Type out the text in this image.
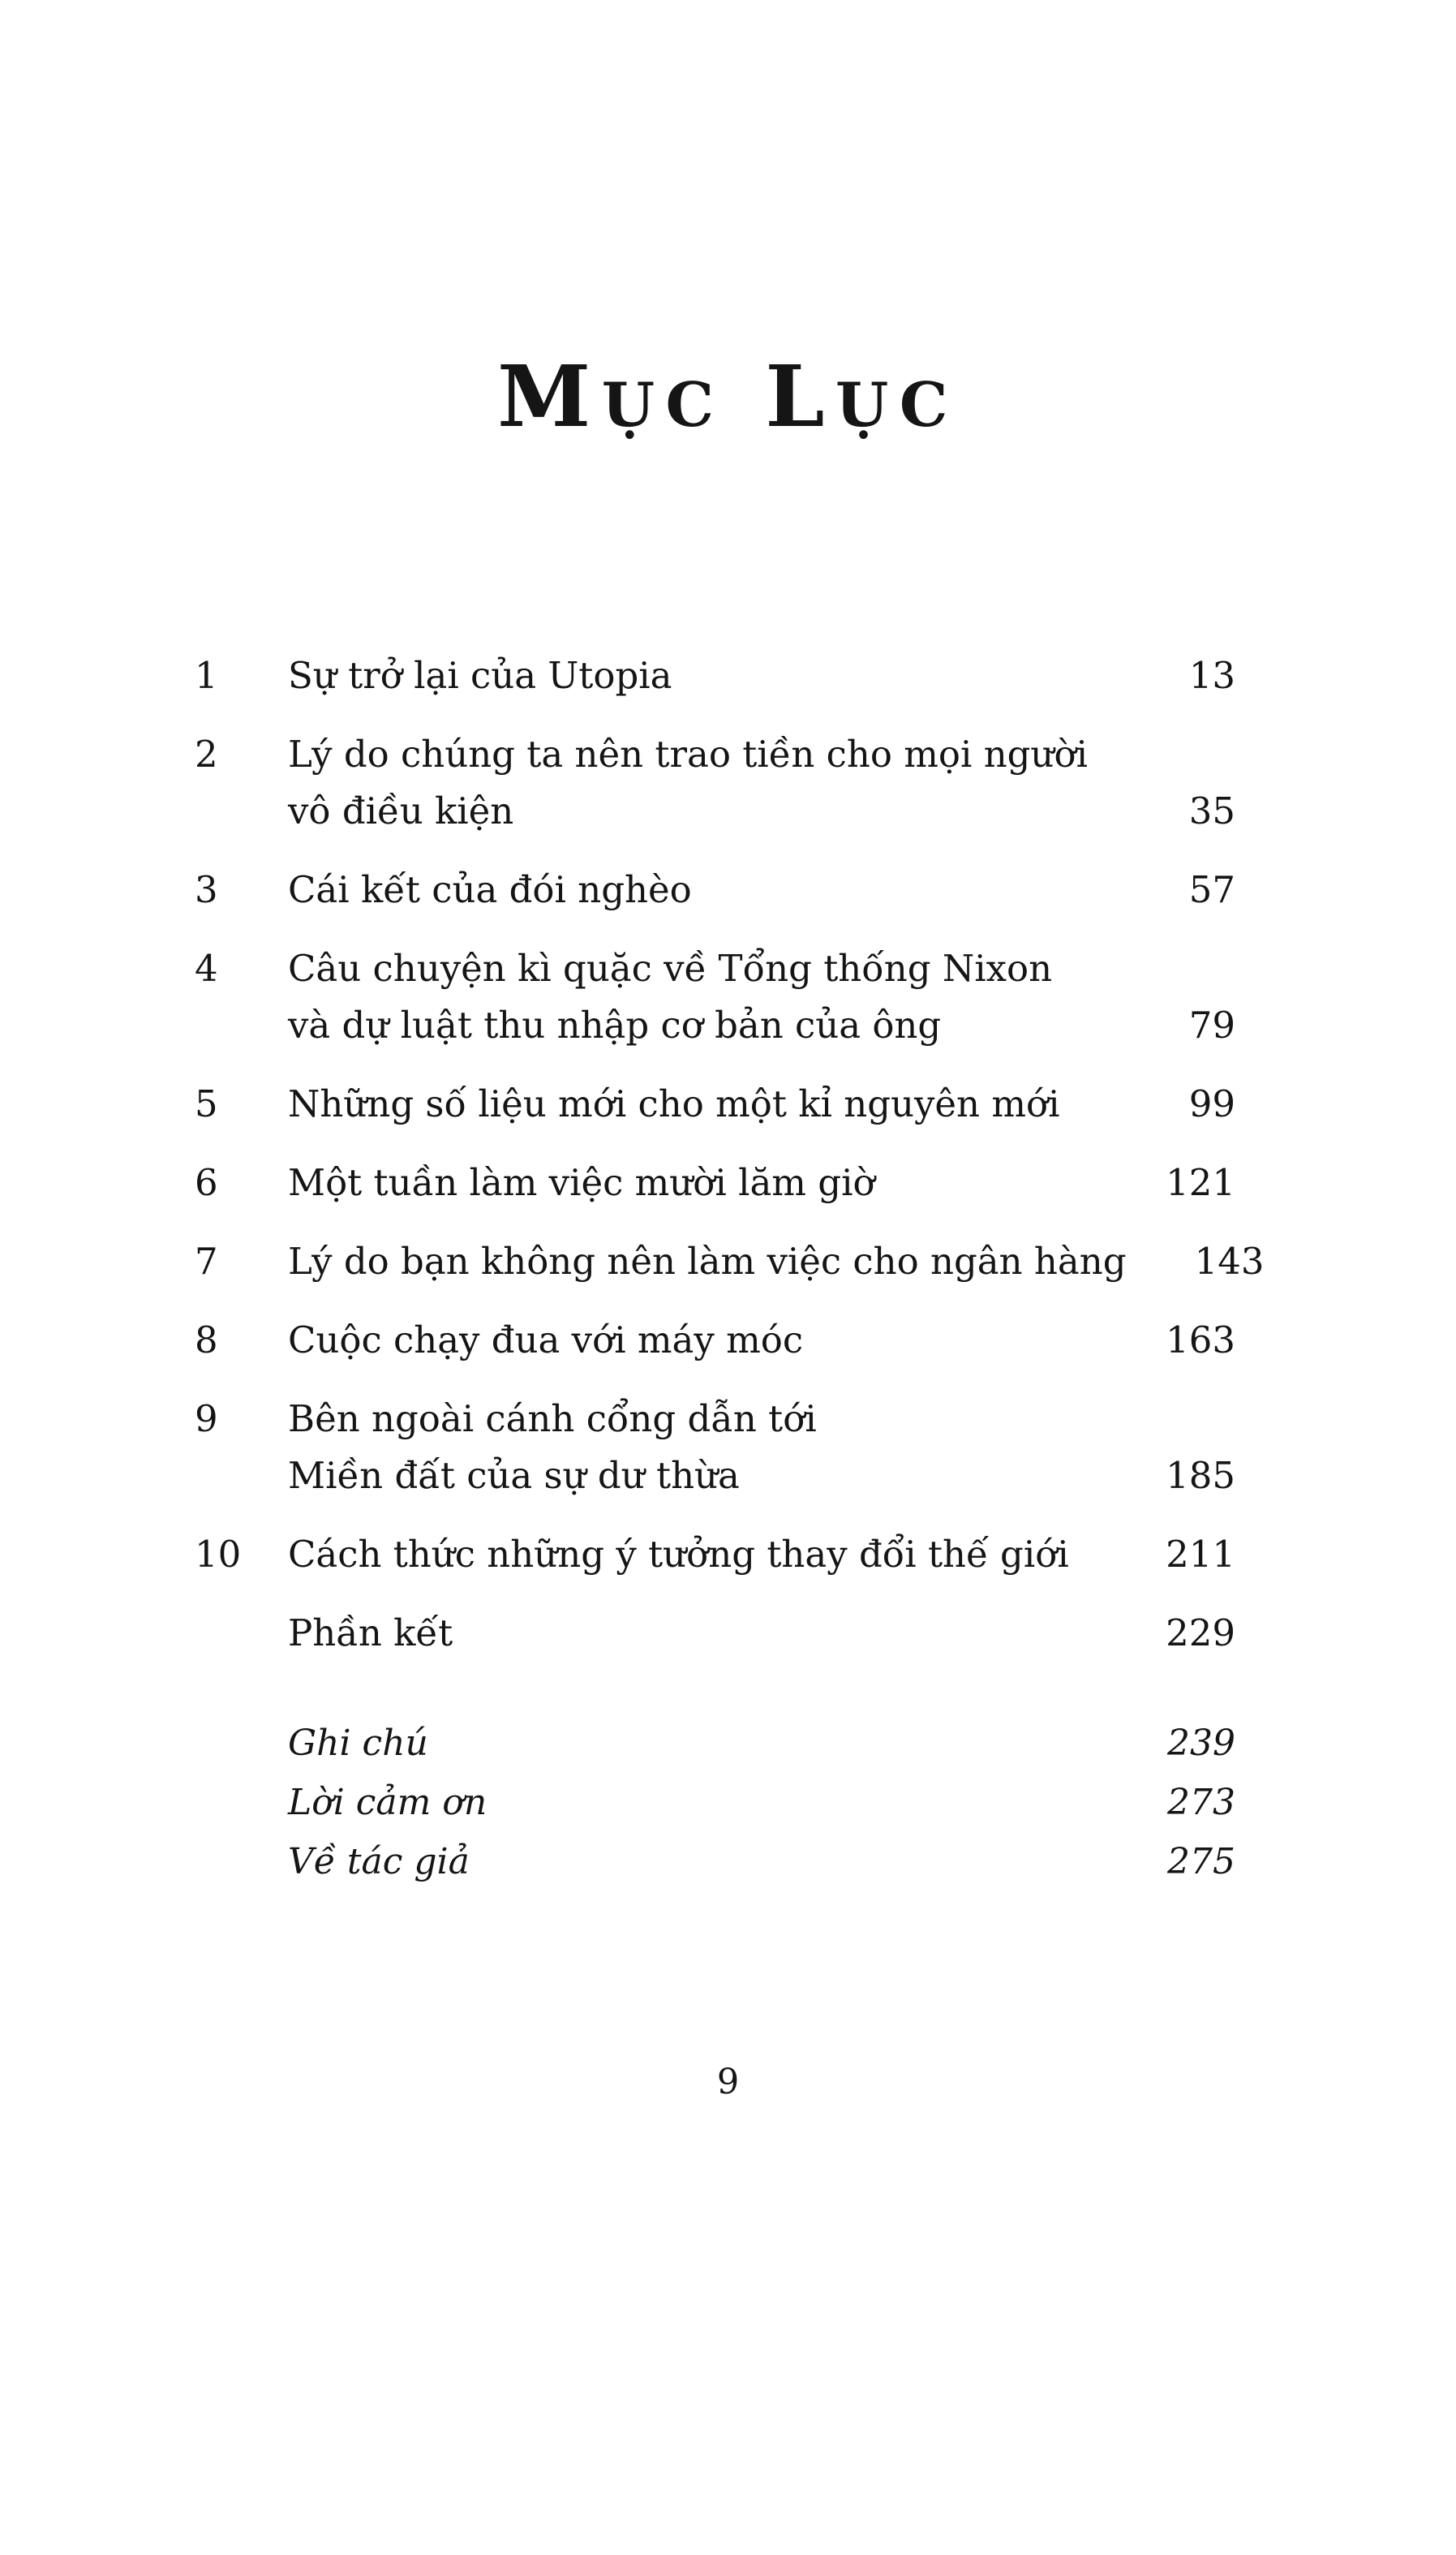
MỤC LỤC
1	Sự trở lại của Utopia	13
2	Lý do chúng ta nên trao tiền cho mọi người
vô điều kiện	35
3	Cái kết của đói nghèo	57
4	Câu chuyện kì quặc về Tổng thống Nixon
và dự luật thu nhập cơ bản của ông	79
5	Những số liệu mới cho một kỉ nguyên mới	99
6	Một tuần làm việc mười lăm giờ	121
7	Lý do bạn không nên làm việc cho ngân hàng	143
8	Cuộc chạy đua với máy móc	163
9	Bên ngoài cánh cổng dẫn tới
Miền đất của sự dư thừa	185
10	Cách thức những ý tưởng thay đổi thế giới	211
Phần kết	229
Ghi chú	239
Lời cảm ơn	273
Về tác giả	275
9
